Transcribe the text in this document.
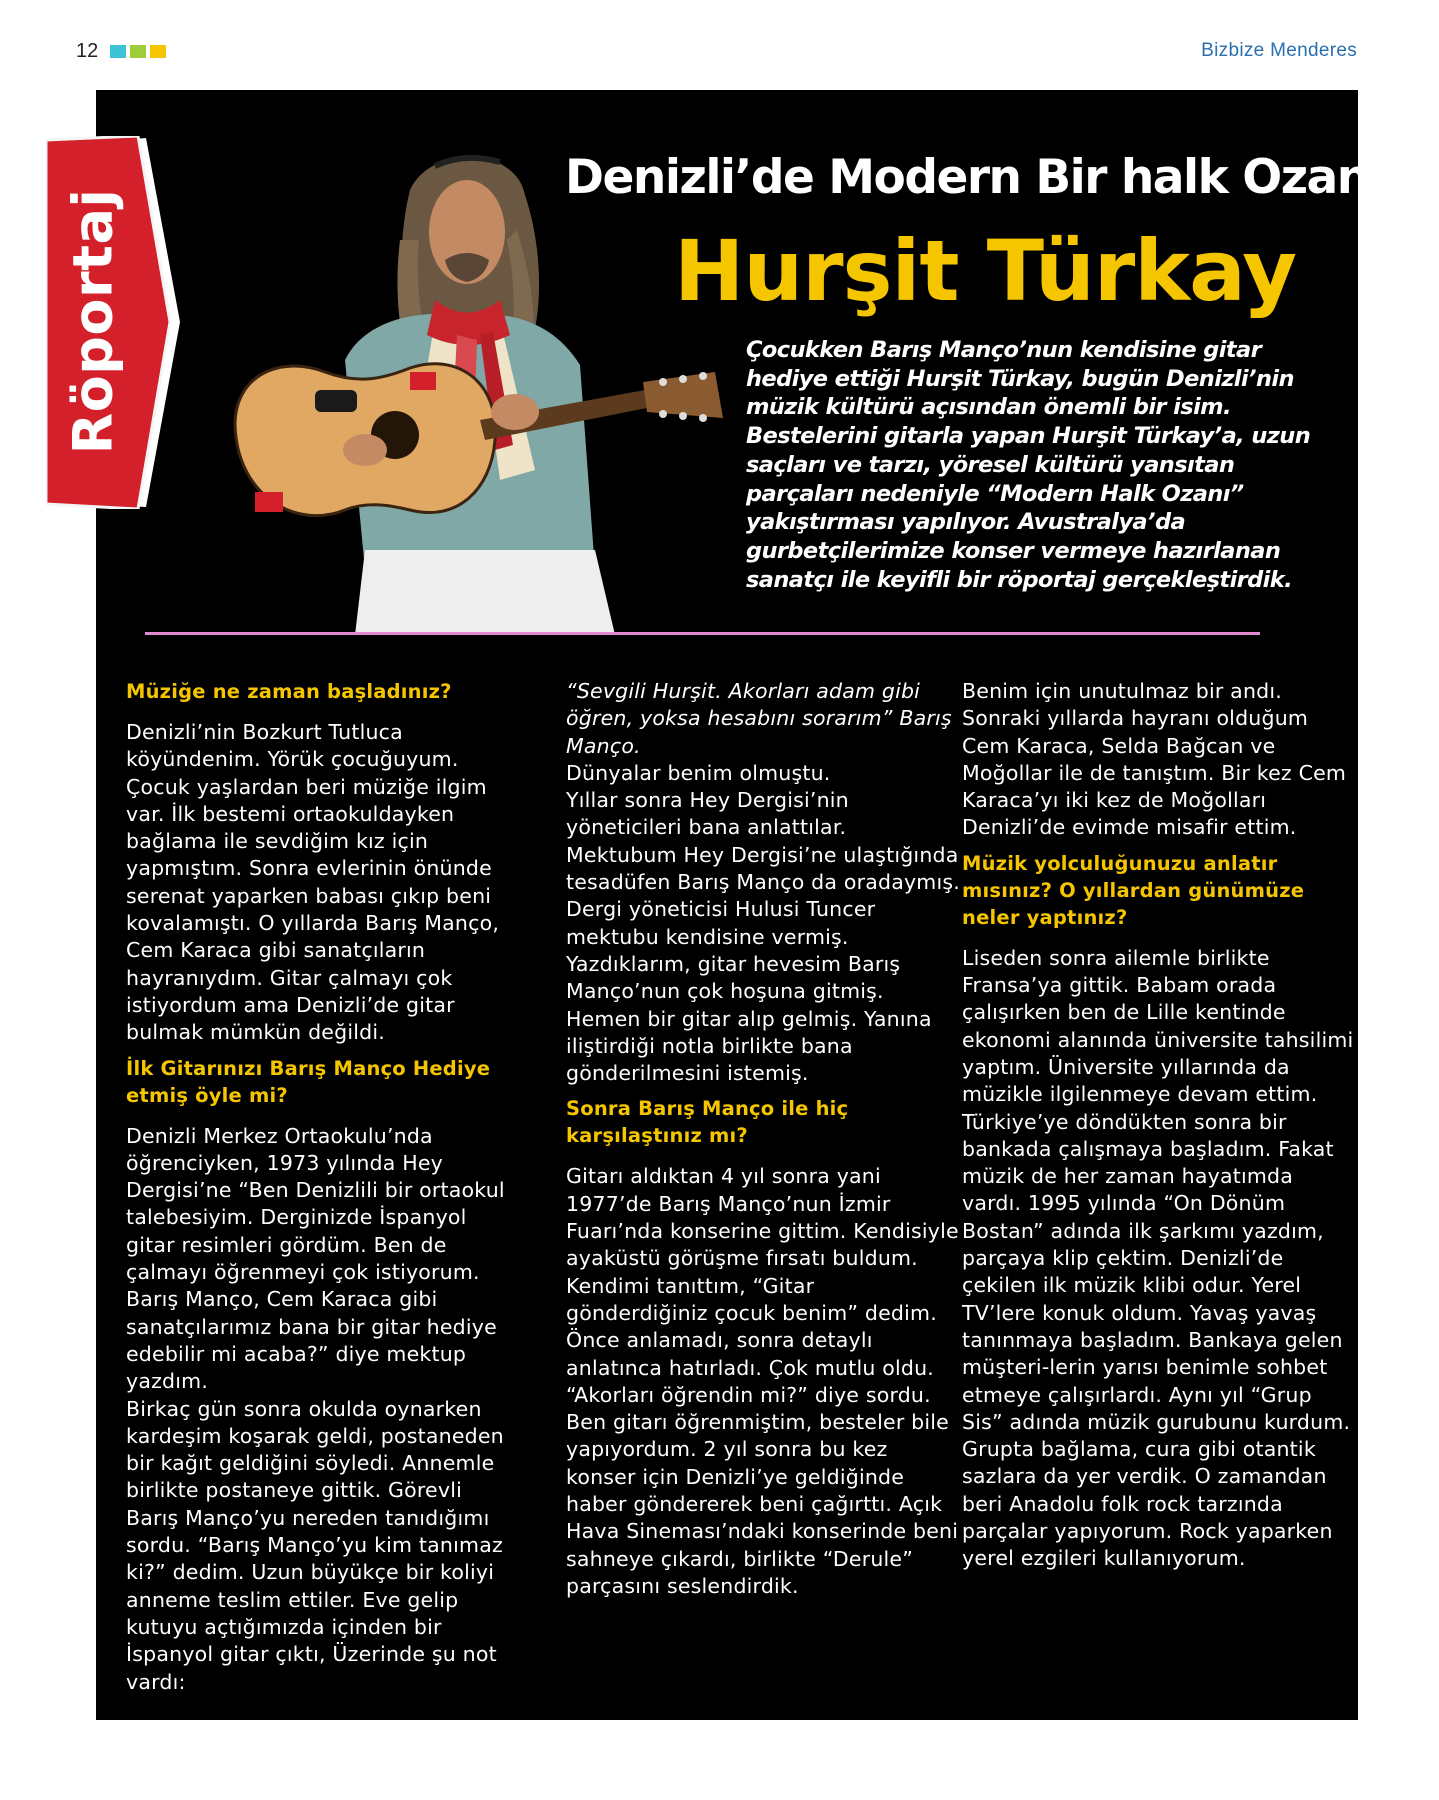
12	Bizbize Menderes
Röportaj
Denizli’de Modern Bir halk Ozanı;
Hurşit Türkay
Çocukken Barış Manço’nun kendisine gitar hediye ettiği Hurşit Türkay, bugün Denizli’nin müzik kültürü açısından önemli bir isim. Bestelerini gitarla yapan Hurşit Türkay’a, uzun saçları ve tarzı, yöresel kültürü yansıtan parçaları nedeniyle “Modern Halk Ozanı” yakıştırması yapılıyor. Avustralya’da gurbetçilerimize konser vermeye hazırlanan sanatçı ile keyifli bir röportaj gerçekleştirdik.
Müziğe ne zaman başladınız?

Denizli’nin Bozkurt Tutluca köyündenim. Yörük çocuğuyum. Çocuk yaşlardan beri müziğe ilgim var. İlk bestemi ortaokuldayken bağlama ile sevdiğim kız için yapmıştım. Sonra evlerinin önünde serenat yaparken babası çıkıp beni kovalamıştı. O yıllarda Barış Manço, Cem Karaca gibi sanatçıların hayranıydım. Gitar çalmayı çok istiyordum ama Denizli’de gitar bulmak mümkün değildi.

İlk Gitarınızı Barış Manço Hediye etmiş öyle mi?

Denizli Merkez Ortaokulu’nda öğrenciyken, 1973 yılında Hey Dergisi’ne “Ben Denizlili bir ortaokul talebesiyim. Derginizde İspanyol gitar resimleri gördüm. Ben de çalmayı öğrenmeyi çok istiyorum. Barış Manço, Cem Karaca gibi sanatçılarımız bana bir gitar hediye edebilir mi acaba?” diye mektup yazdım.

Birkaç gün sonra okulda oynarken kardeşim koşarak geldi, postaneden bir kağıt geldiğini söyledi. Annemle birlikte postaneye gittik. Görevli Barış Manço’yu nereden tanıdığımı sordu. “Barış Manço’yu kim tanımaz ki?” dedim. Uzun büyükçe bir koliyi anneme teslim ettiler. Eve gelip kutuyu açtığımızda içinden bir İspanyol gitar çıktı, Üzerinde şu not vardı:

“Sevgili Hurşit. Akorları adam gibi öğren, yoksa hesabını sorarım” Barış Manço.

Dünyalar benim olmuştu.

Yıllar sonra Hey Dergisi’nin yöneticileri bana anlattılar. Mektubum Hey Dergisi’ne ulaştığında tesadüfen Barış Manço da oradaymış. Dergi yöneticisi Hulusi Tuncer mektubu kendisine vermiş. Yazdıklarım, gitar hevesim Barış Manço’nun çok hoşuna gitmiş. Hemen bir gitar alıp gelmiş. Yanına iliştirdiği notla birlikte bana gönderilmesini istemiş.

Sonra Barış Manço ile hiç karşılaştınız mı?

Gitarı aldıktan 4 yıl sonra yani 1977’de Barış Manço’nun İzmir Fuarı’nda konserine gittim. Kendisiyle ayaküstü görüşme fırsatı buldum. Kendimi tanıttım, “Gitar gönderdiğiniz çocuk benim” dedim. Önce anlamadı, sonra detaylı anlatınca hatırladı. Çok mutlu oldu. “Akorları öğrendin mi?” diye sordu. Ben gitarı öğrenmiştim, besteler bile yapıyordum. 2 yıl sonra bu kez konser için Denizli’ye geldiğinde haber göndererek beni çağırttı. Açık Hava Sineması’ndaki konserinde beni sahneye çıkardı, birlikte “Derule” parçasını seslendirdik.

Benim için unutulmaz bir andı. Sonraki yıllarda hayranı olduğum Cem Karaca, Selda Bağcan ve Moğollar ile de tanıştım. Bir kez Cem Karaca’yı iki kez de Moğolları

Denizli’de evimde misafir ettim.

Müzik yolculuğunuzu anlatır mısınız? O yıllardan günümüze neler yaptınız?

Liseden sonra ailemle birlikte Fransa’ya gittik. Babam orada çalışırken ben de Lille kentinde ekonomi alanında üniversite tahsilimi yaptım. Üniversite yıllarında da müzikle ilgilenmeye devam ettim. Türkiye’ye döndükten sonra bir bankada çalışmaya başladım. Fakat müzik de her zaman hayatımda vardı. 1995 yılında “On Dönüm Bostan” adında ilk şarkımı yazdım, parçaya klip çektim. Denizli’de çekilen ilk müzik klibi odur. Yerel TV’lere konuk oldum. Yavaş yavaş tanınmaya başladım. Bankaya gelen müşteri-lerin yarısı benimle sohbet etmeye çalışırlardı. Aynı yıl “Grup Sis” adında müzik gurubunu kurdum. Grupta bağlama, cura gibi otantik sazlara da yer verdik. O zamandan beri Anadolu folk rock tarzında parçalar yapıyorum. Rock yaparken yerel ezgileri kullanıyorum.
